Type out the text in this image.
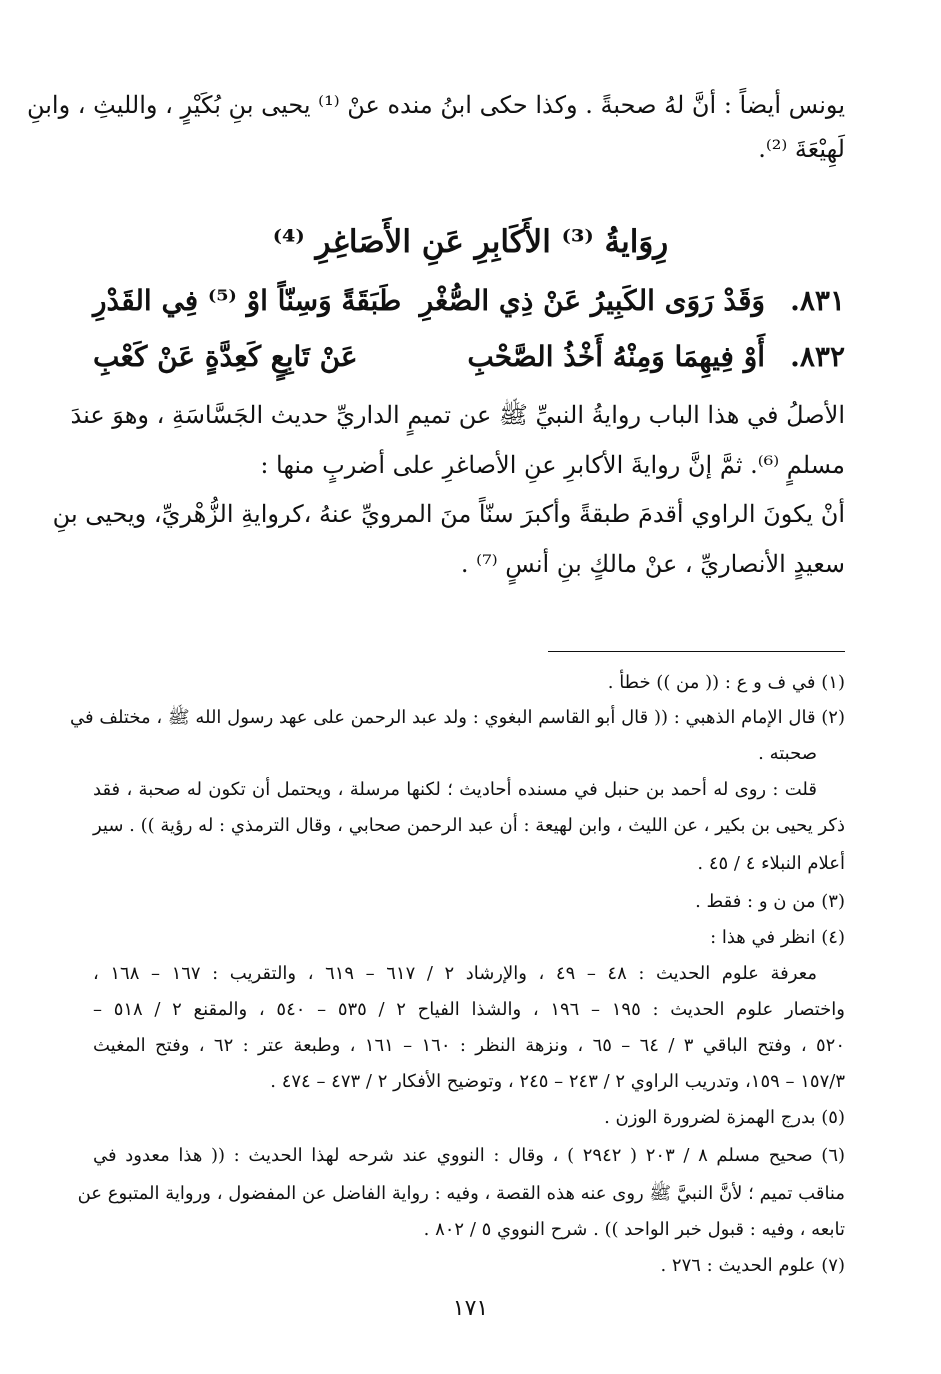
يونس أيضاً : أنَّ لهُ صحبةً . وكذا حكى ابنُ منده عنْ ⁽¹⁾ يحيى بنِ بُكَيْرٍ ، والليثِ ، وابنِ
لَهِيْعَةَ ⁽²⁾.
رِوَايةُ ⁽³⁾ الأَكَابِرِ عَنِ الأَصَاغِرِ ⁽⁴⁾
٨٣١.
وَقَدْ رَوَى الكَبِيرُ عَنْ ذِي الصُّغْرِ
طَبَقَةً وَسِنّاً اوْ ⁽⁵⁾ فِي القَدْرِ
٨٣٢.
أَوْ فِيهِمَا وَمِنْهُ أَخْذُ الصَّحْبِ
عَنْ تَابِعٍ كَعِدَّةٍ عَنْ كَعْبِ
الأصلُ في هذا الباب روايةُ النبيِّ ﷺ عن تميمٍ الداريِّ حديث الجَسَّاسَةِ ، وهوَ عندَ
مسلمٍ ⁽⁶⁾. ثمَّ إنَّ روايةَ الأكابرِ عنِ الأصاغرِ على أضربٍ منها :
أنْ يكونَ الراوي أقدمَ طبقةً وأكبرَ سنّاً منَ المرويِّ عنهُ ،كروايةِ الزُّهْريِّ، ويحيى بنِ
سعيدٍ الأنصاريِّ ، عنْ مالكٍ بنِ أنسٍ ⁽⁷⁾ .
(١) في ف و ع : (( من )) خطأ .
(٢) قال الإمام الذهبي : (( قال أبو القاسم البغوي : ولد عبد الرحمن على عهد رسول الله ﷺ ، مختلف في
صحبته .
قلت : روى له أحمد بن حنبل في مسنده أحاديث ؛ لكنها مرسلة ، ويحتمل أن تكون له صحبة ، فقد
ذكر يحيى بن بكير ، عن الليث ، وابن لهيعة : أن عبد الرحمن صحابي ، وقال الترمذي : له رؤية )) . سير
أعلام النبلاء ٤ / ٤٥ .
(٣) من ن و : فقط .
(٤) انظر في هذا :
معرفة علوم الحديث : ٤٨ – ٤٩ ، والإرشاد ٢ / ٦١٧ – ٦١٩ ، والتقريب : ١٦٧ – ١٦٨ ،
واختصار علوم الحديث : ١٩٥ – ١٩٦ ، والشذا الفياح ٢ / ٥٣٥ – ٥٤٠ ، والمقنع ٢ / ٥١٨ –
٥٢٠ ، وفتح الباقي ٣ / ٦٤ – ٦٥ ، ونزهة النظر : ١٦٠ – ١٦١ ، وطبعة عتر : ٦٢ ، وفتح المغيث
١٥٧/٣ – ١٥٩، وتدريب الراوي ٢ / ٢٤٣ – ٢٤٥ ، وتوضيح الأفكار ٢ / ٤٧٣ – ٤٧٤ .
(٥) بدرج الهمزة لضرورة الوزن .
(٦) صحيح مسلم ٨ / ٢٠٣ ( ٢٩٤٢ ) ، وقال : النووي عند شرحه لهذا الحديث : (( هذا معدود في
مناقب تميم ؛ لأنَّ النبيَّ ﷺ روى عنه هذه القصة ، وفيه : رواية الفاضل عن المفضول ، ورواية المتبوع عن
تابعه ، وفيه : قبول خبر الواحد )) . شرح النووي ٥ / ٨٠٢ .
(٧) علوم الحديث : ٢٧٦ .
١٧١
